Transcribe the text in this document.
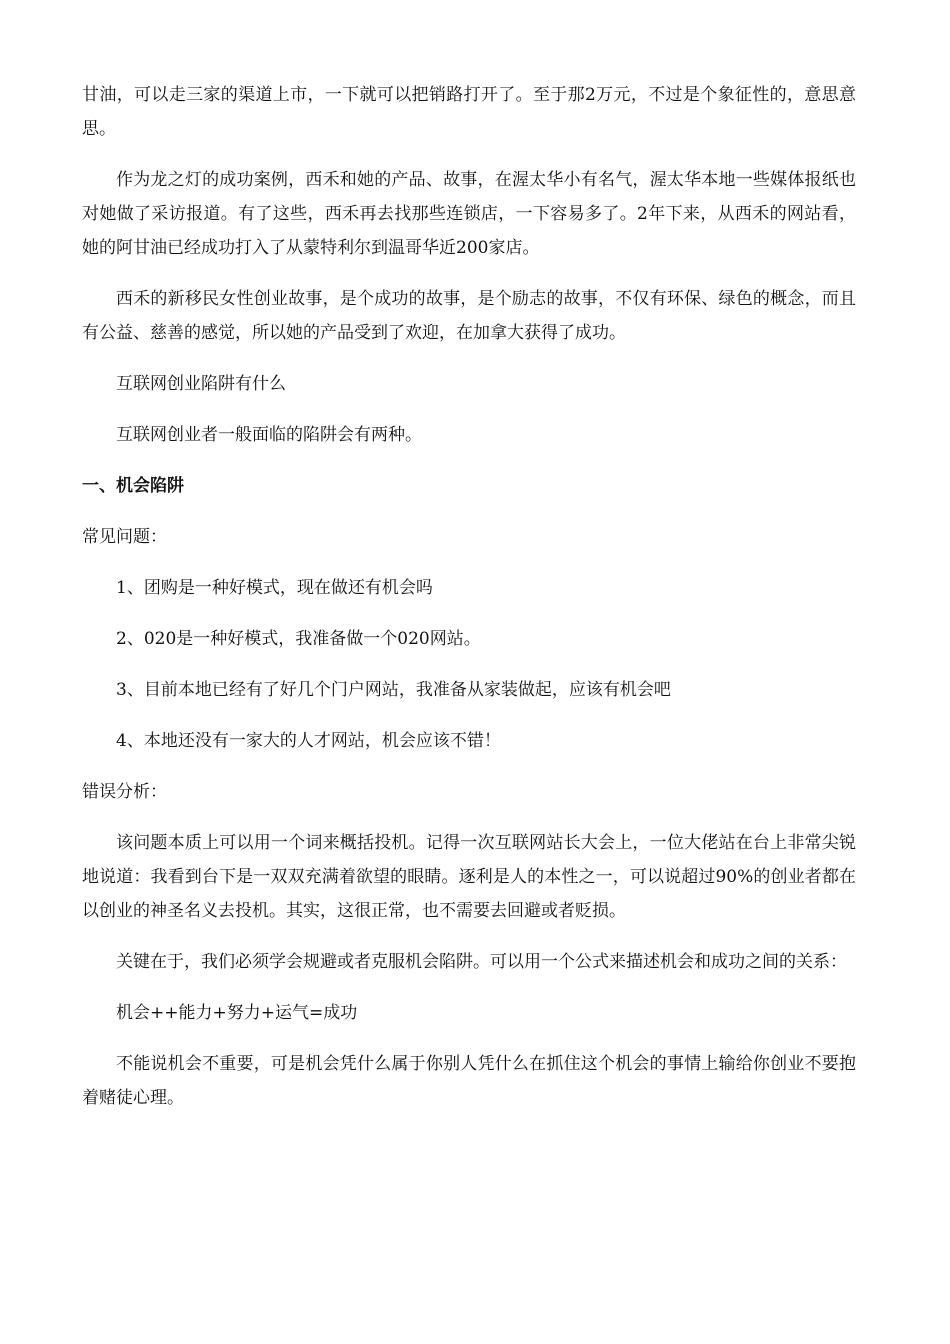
甘油，可以走三家的渠道上市，一下就可以把销路打开了。至于那2万元，不过是个象征性的，意思意思。

作为龙之灯的成功案例，西禾和她的产品、故事，在渥太华小有名气，渥太华本地一些媒体报纸也对她做了采访报道。有了这些，西禾再去找那些连锁店，一下容易多了。2年下来，从西禾的网站看，她的阿甘油已经成功打入了从蒙特利尔到温哥华近200家店。

西禾的新移民女性创业故事，是个成功的故事，是个励志的故事，不仅有环保、绿色的概念，而且有公益、慈善的感觉，所以她的产品受到了欢迎，在加拿大获得了成功。

互联网创业陷阱有什么

互联网创业者一般面临的陷阱会有两种。

一、机会陷阱

常见问题：

1、团购是一种好模式，现在做还有机会吗

2、020是一种好模式，我准备做一个020网站。

3、目前本地已经有了好几个门户网站，我准备从家装做起，应该有机会吧

4、本地还没有一家大的人才网站，机会应该不错！

错误分析：

该问题本质上可以用一个词来概括投机。记得一次互联网站长大会上，一位大佬站在台上非常尖锐地说道：我看到台下是一双双充满着欲望的眼睛。逐利是人的本性之一，可以说超过90%的创业者都在以创业的神圣名义去投机。其实，这很正常，也不需要去回避或者贬损。

关键在于，我们必须学会规避或者克服机会陷阱。可以用一个公式来描述机会和成功之间的关系：

机会++能力+努力+运气=成功

不能说机会不重要，可是机会凭什么属于你别人凭什么在抓住这个机会的事情上输给你创业不要抱着赌徒心理。
